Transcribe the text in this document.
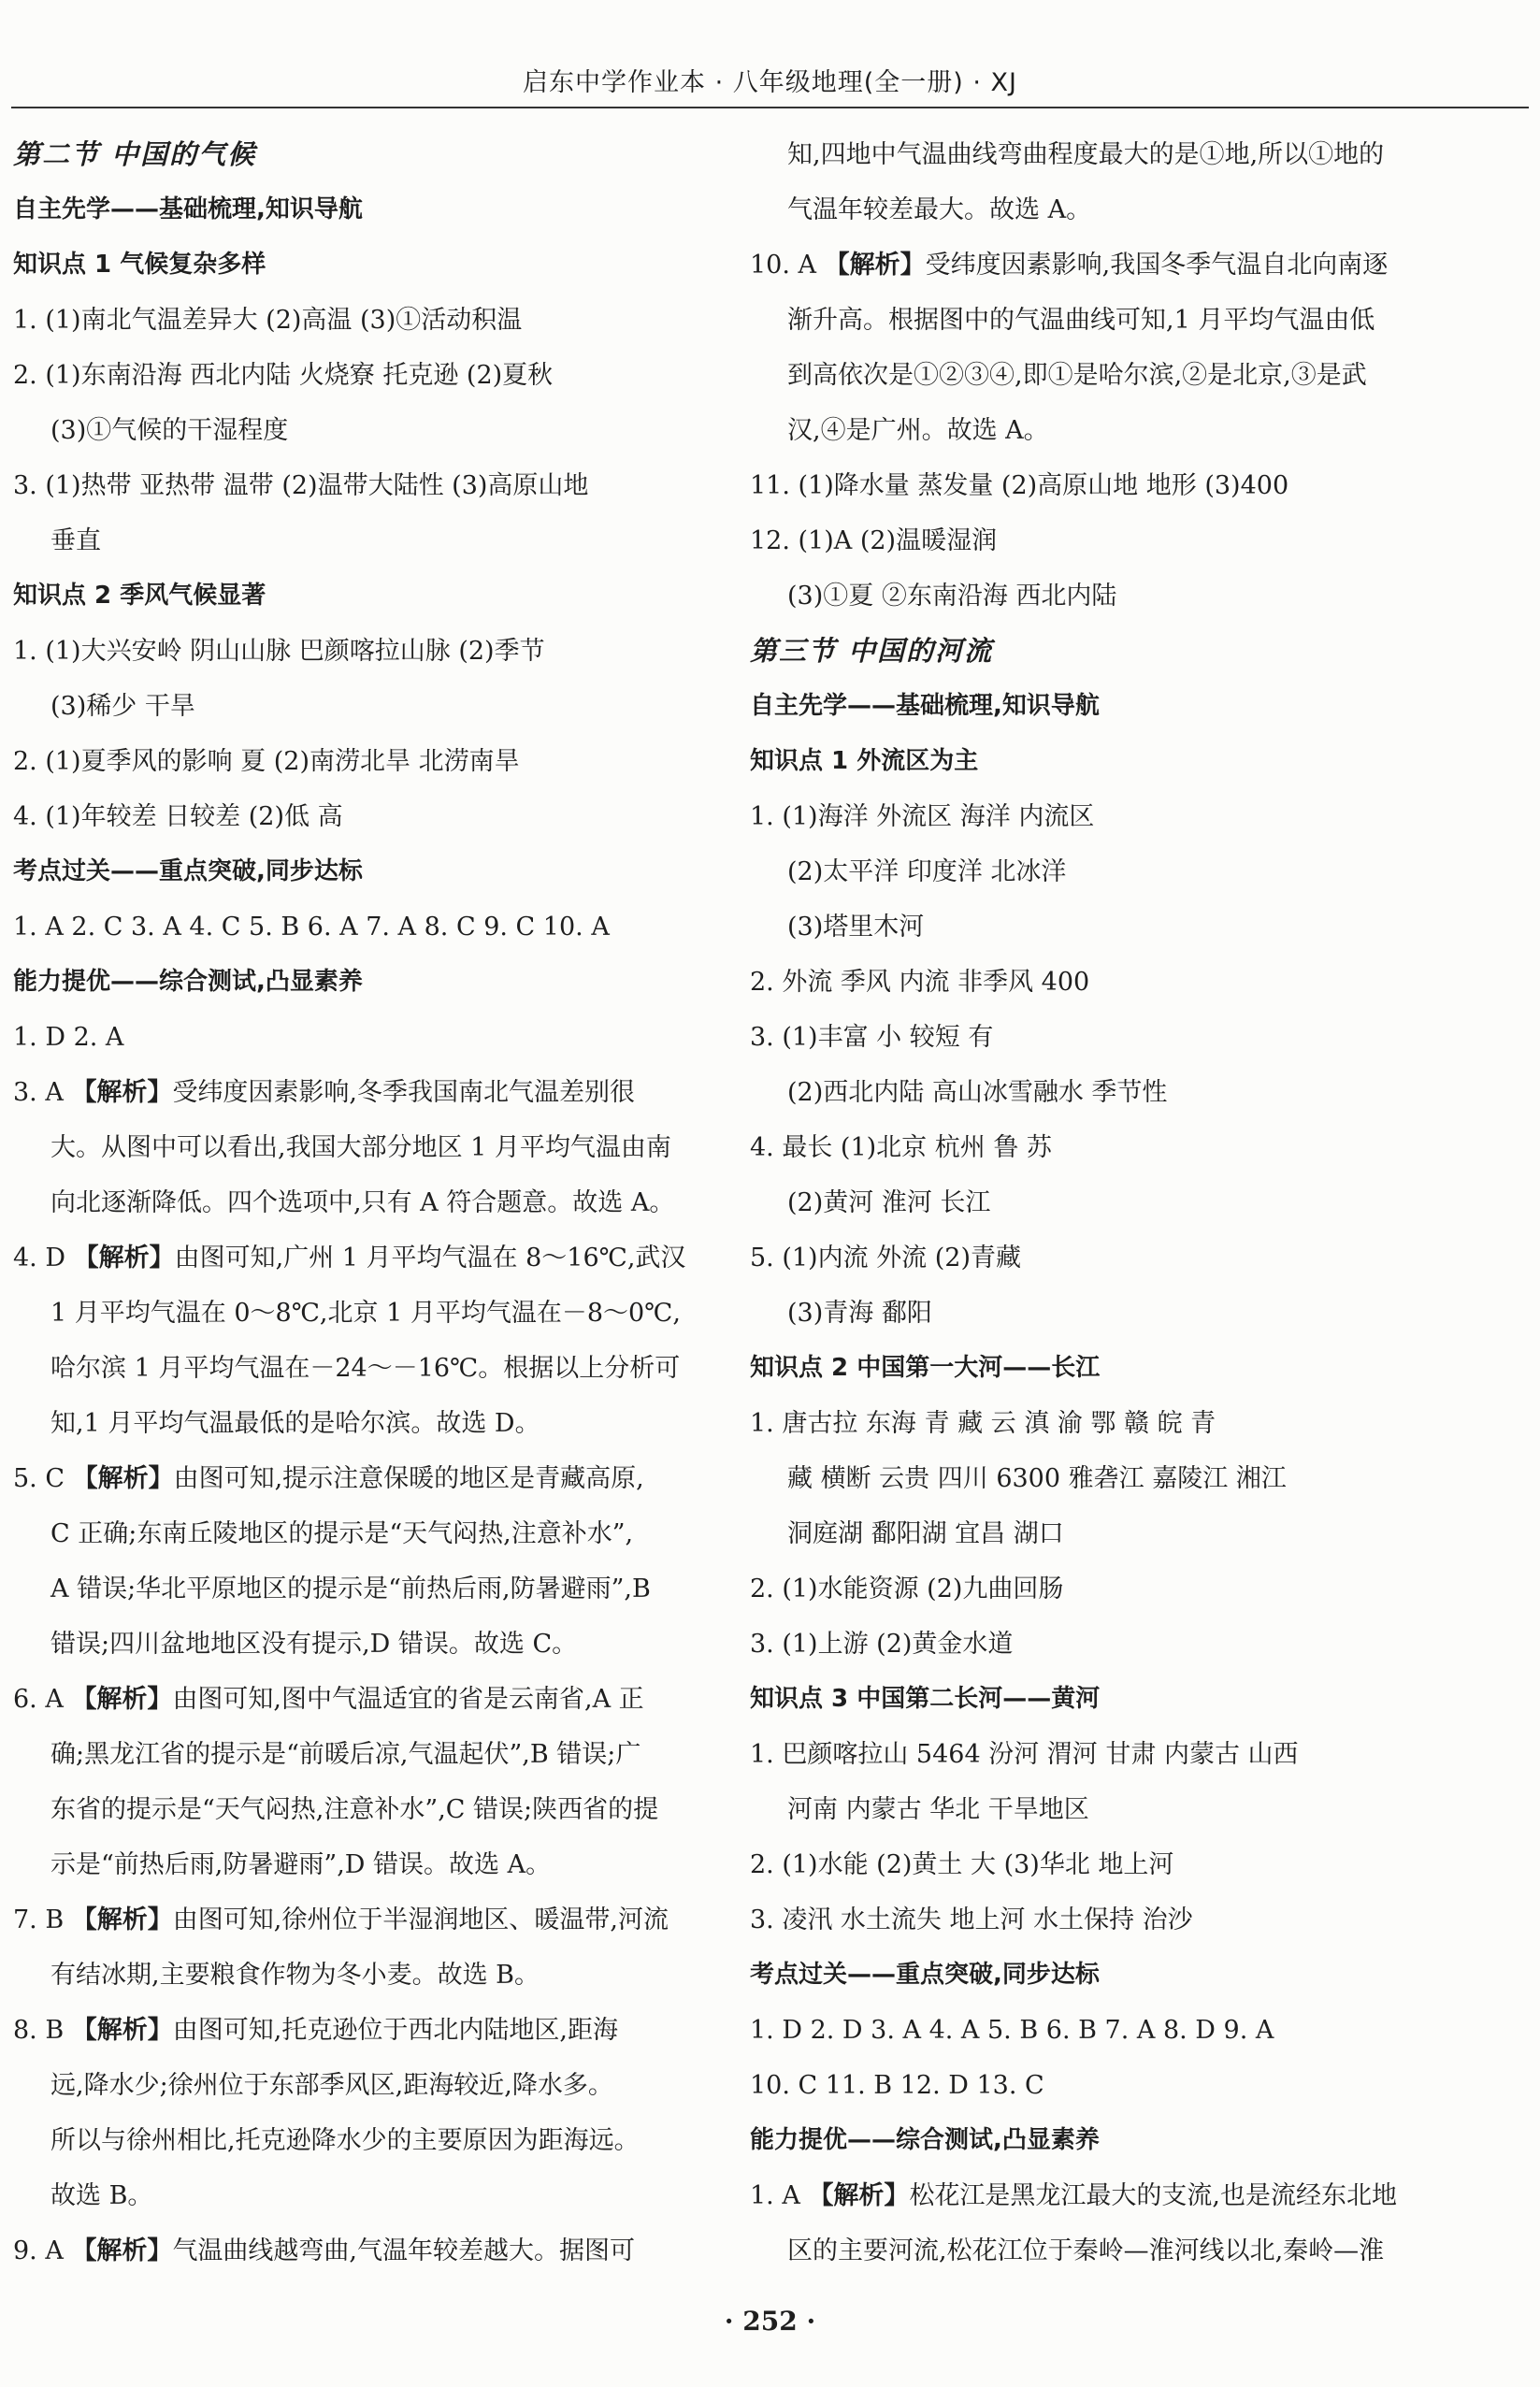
启东中学作业本 · 八年级地理(全一册) · XJ
第二节 中国的气候
自主先学——基础梳理,知识导航
知识点 1 气候复杂多样
1. (1)南北气温差异大 (2)高温 (3)①活动积温
2. (1)东南沿海 西北内陆 火烧寮 托克逊 (2)夏秋
(3)①气候的干湿程度
3. (1)热带 亚热带 温带 (2)温带大陆性 (3)高原山地
垂直
知识点 2 季风气候显著
1. (1)大兴安岭 阴山山脉 巴颜喀拉山脉 (2)季节
(3)稀少 干旱
2. (1)夏季风的影响 夏 (2)南涝北旱 北涝南旱
4. (1)年较差 日较差 (2)低 高
考点过关——重点突破,同步达标
1. A 2. C 3. A 4. C 5. B 6. A 7. A 8. C 9. C 10. A
能力提优——综合测试,凸显素养
1. D 2. A
3. A 【解析】受纬度因素影响,冬季我国南北气温差别很
大。从图中可以看出,我国大部分地区 1 月平均气温由南
向北逐渐降低。四个选项中,只有 A 符合题意。故选 A。
4. D 【解析】由图可知,广州 1 月平均气温在 8～16℃,武汉
1 月平均气温在 0～8℃,北京 1 月平均气温在－8～0℃,
哈尔滨 1 月平均气温在－24～－16℃。根据以上分析可
知,1 月平均气温最低的是哈尔滨。故选 D。
5. C 【解析】由图可知,提示注意保暖的地区是青藏高原,
C 正确;东南丘陵地区的提示是“天气闷热,注意补水”,
A 错误;华北平原地区的提示是“前热后雨,防暑避雨”,B
错误;四川盆地地区没有提示,D 错误。故选 C。
6. A 【解析】由图可知,图中气温适宜的省是云南省,A 正
确;黑龙江省的提示是“前暖后凉,气温起伏”,B 错误;广
东省的提示是“天气闷热,注意补水”,C 错误;陕西省的提
示是“前热后雨,防暑避雨”,D 错误。故选 A。
7. B 【解析】由图可知,徐州位于半湿润地区、暖温带,河流
有结冰期,主要粮食作物为冬小麦。故选 B。
8. B 【解析】由图可知,托克逊位于西北内陆地区,距海
远,降水少;徐州位于东部季风区,距海较近,降水多。
所以与徐州相比,托克逊降水少的主要原因为距海远。
故选 B。
9. A 【解析】气温曲线越弯曲,气温年较差越大。据图可
知,四地中气温曲线弯曲程度最大的是①地,所以①地的
气温年较差最大。故选 A。
10. A 【解析】受纬度因素影响,我国冬季气温自北向南逐
渐升高。根据图中的气温曲线可知,1 月平均气温由低
到高依次是①②③④,即①是哈尔滨,②是北京,③是武
汉,④是广州。故选 A。
11. (1)降水量 蒸发量 (2)高原山地 地形 (3)400
12. (1)A (2)温暖湿润
(3)①夏 ②东南沿海 西北内陆
第三节 中国的河流
自主先学——基础梳理,知识导航
知识点 1 外流区为主
1. (1)海洋 外流区 海洋 内流区
(2)太平洋 印度洋 北冰洋
(3)塔里木河
2. 外流 季风 内流 非季风 400
3. (1)丰富 小 较短 有
(2)西北内陆 高山冰雪融水 季节性
4. 最长 (1)北京 杭州 鲁 苏
(2)黄河 淮河 长江
5. (1)内流 外流 (2)青藏
(3)青海 鄱阳
知识点 2 中国第一大河——长江
1. 唐古拉 东海 青 藏 云 滇 渝 鄂 赣 皖 青
藏 横断 云贵 四川 6300 雅砻江 嘉陵江 湘江
洞庭湖 鄱阳湖 宜昌 湖口
2. (1)水能资源 (2)九曲回肠
3. (1)上游 (2)黄金水道
知识点 3 中国第二长河——黄河
1. 巴颜喀拉山 5464 汾河 渭河 甘肃 内蒙古 山西
河南 内蒙古 华北 干旱地区
2. (1)水能 (2)黄土 大 (3)华北 地上河
3. 凌汛 水土流失 地上河 水土保持 治沙
考点过关——重点突破,同步达标
1. D 2. D 3. A 4. A 5. B 6. B 7. A 8. D 9. A
10. C 11. B 12. D 13. C
能力提优——综合测试,凸显素养
1. A 【解析】松花江是黑龙江最大的支流,也是流经东北地
区的主要河流,松花江位于秦岭—淮河线以北,秦岭—淮
· 252 ·
